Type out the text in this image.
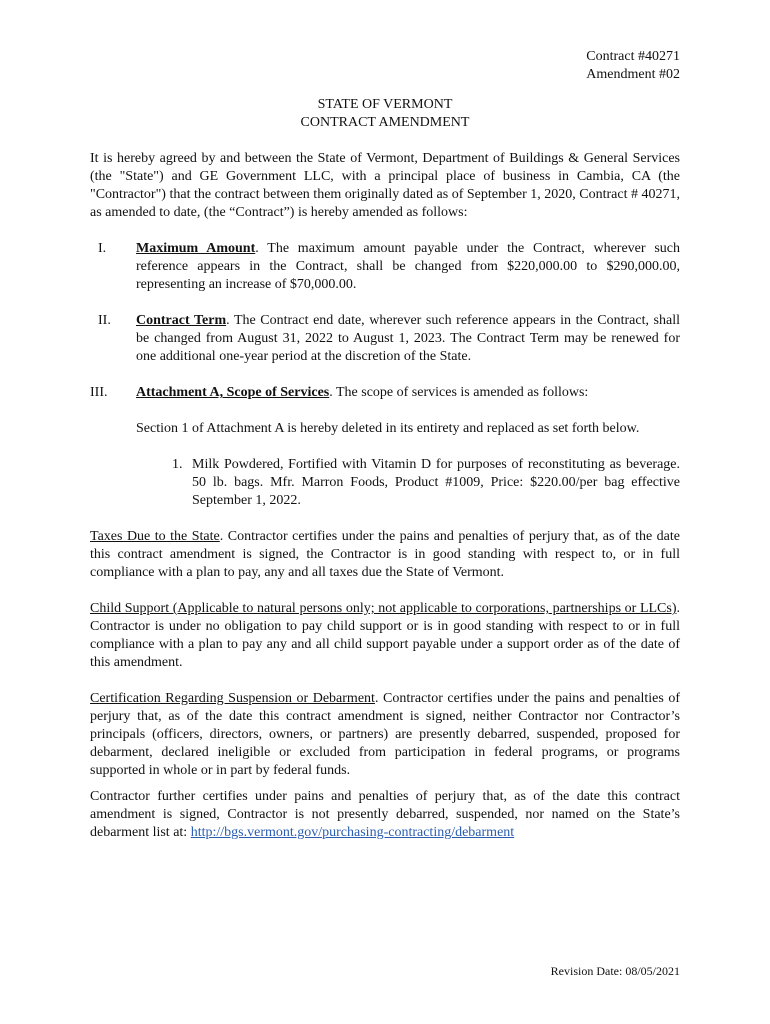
Contract #40271
Amendment #02
STATE OF VERMONT
CONTRACT AMENDMENT

It is hereby agreed by and between the State of Vermont, Department of Buildings & General Services (the "State") and GE Government LLC, with a principal place of business in Cambia, CA (the "Contractor") that the contract between them originally dated as of September 1, 2020, Contract # 40271, as amended to date, (the “Contract”) is hereby amended as follows:

I. Maximum Amount. The maximum amount payable under the Contract, wherever such reference appears in the Contract, shall be changed from $220,000.00 to $290,000.00, representing an increase of $70,000.00.

II. Contract Term. The Contract end date, wherever such reference appears in the Contract, shall be changed from August 31, 2022 to August 1, 2023. The Contract Term may be renewed for one additional one-year period at the discretion of the State.

III. Attachment A, Scope of Services. The scope of services is amended as follows:

Section 1 of Attachment A is hereby deleted in its entirety and replaced as set forth below.

1. Milk Powdered, Fortified with Vitamin D for purposes of reconstituting as beverage. 50 lb. bags. Mfr. Marron Foods, Product #1009, Price: $220.00/per bag effective September 1, 2022.

Taxes Due to the State. Contractor certifies under the pains and penalties of perjury that, as of the date this contract amendment is signed, the Contractor is in good standing with respect to, or in full compliance with a plan to pay, any and all taxes due the State of Vermont.

Child Support (Applicable to natural persons only; not applicable to corporations, partnerships or LLCs). Contractor is under no obligation to pay child support or is in good standing with respect to or in full compliance with a plan to pay any and all child support payable under a support order as of the date of this amendment.

Certification Regarding Suspension or Debarment. Contractor certifies under the pains and penalties of perjury that, as of the date this contract amendment is signed, neither Contractor nor Contractor’s principals (officers, directors, owners, or partners) are presently debarred, suspended, proposed for debarment, declared ineligible or excluded from participation in federal programs, or programs supported in whole or in part by federal funds.

Contractor further certifies under pains and penalties of perjury that, as of the date this contract amendment is signed, Contractor is not presently debarred, suspended, nor named on the State’s debarment list at: http://bgs.vermont.gov/purchasing-contracting/debarment

Revision Date: 08/05/2021
